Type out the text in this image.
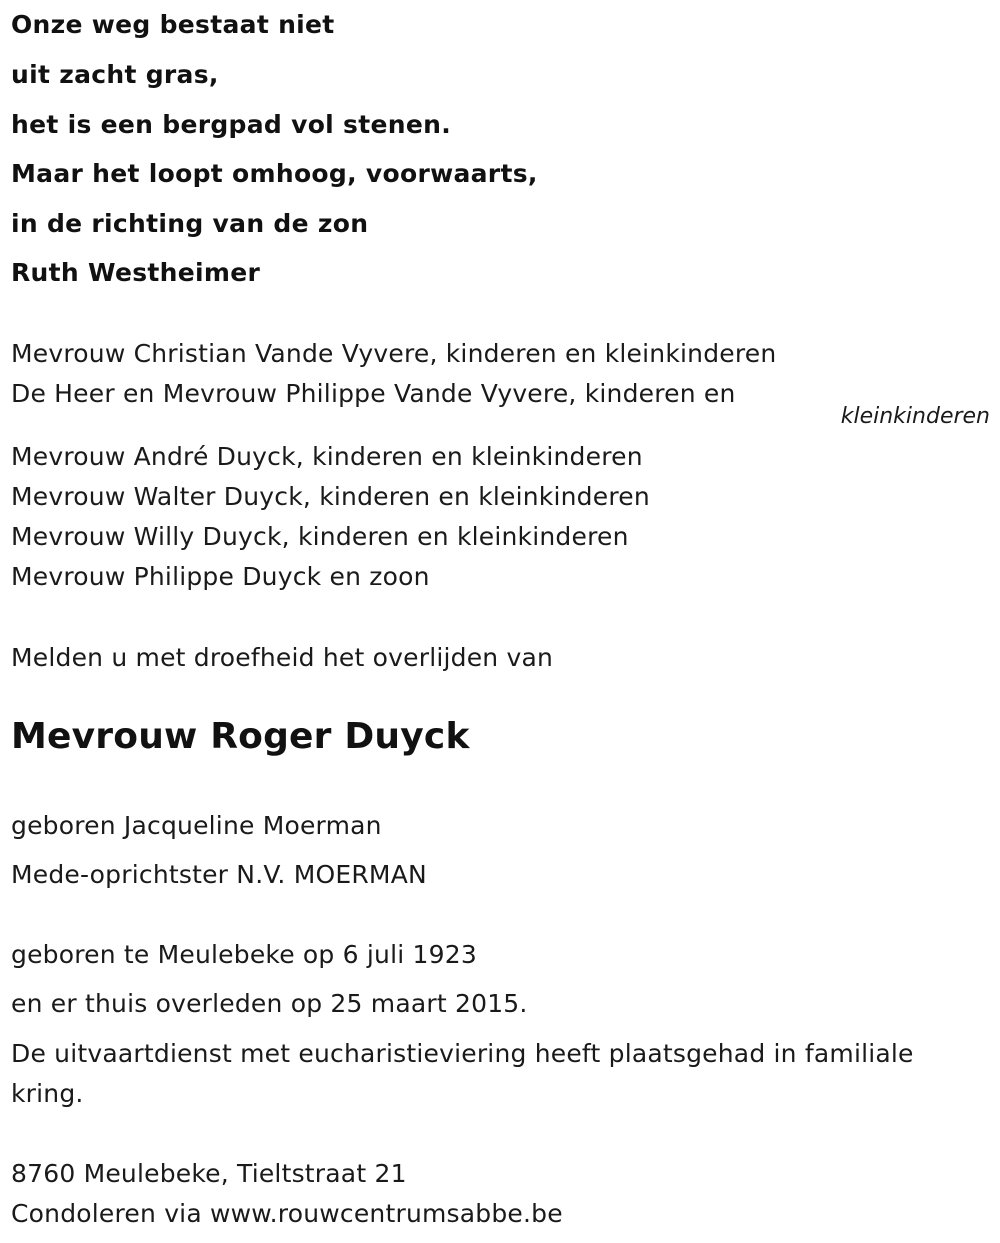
Onze weg bestaat niet
uit zacht gras,
het is een bergpad vol stenen.
Maar het loopt omhoog, voorwaarts,
in de richting van de zon
Ruth Westheimer
Mevrouw Christian Vande Vyvere, kinderen en kleinkinderen
De Heer en Mevrouw Philippe Vande Vyvere, kinderen en
kleinkinderen
Mevrouw André Duyck, kinderen en kleinkinderen
Mevrouw Walter Duyck, kinderen en kleinkinderen
Mevrouw Willy Duyck, kinderen en kleinkinderen
Mevrouw Philippe Duyck en zoon
Melden u met droefheid het overlijden van
Mevrouw Roger Duyck
geboren Jacqueline Moerman
Mede-oprichtster N.V. MOERMAN
geboren te Meulebeke op 6 juli 1923
en er thuis overleden op 25 maart 2015.
De uitvaartdienst met eucharistieviering heeft plaatsgehad in familiale kring.
8760 Meulebeke, Tieltstraat 21
Condoleren via www.rouwcentrumsabbe.be
